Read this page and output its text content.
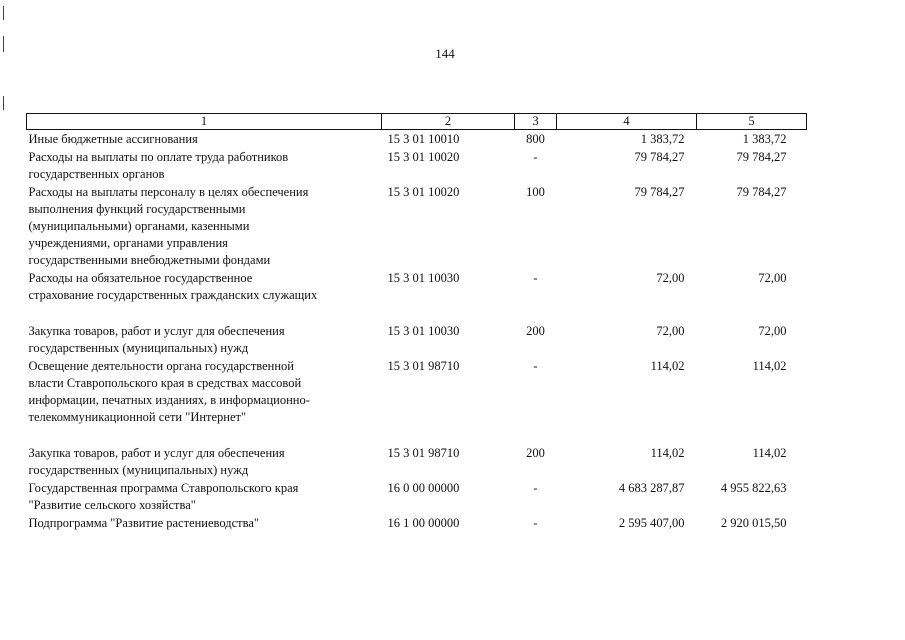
144
1	2	3	4	5

Иные бюджетные ассигнования	15 3 01 10010	800	1 383,72	1 383,72

Расходы на выплаты по оплате труда работников
государственных органов	15 3 01 10020	-	79 784,27	79 784,27

Расходы на выплаты персоналу в целях обеспечения
выполнения функций государственными
(муниципальными) органами, казенными
учреждениями, органами управления
государственными внебюджетными фондами	15 3 01 10020	100	79 784,27	79 784,27

Расходы на обязательное государственное
страхование государственных гражданских служащих	15 3 01 10030	-	72,00	72,00

Закупка товаров, работ и услуг для обеспечения
государственных (муниципальных) нужд	15 3 01 10030	200	72,00	72,00

Освещение деятельности органа государственной
власти Ставропольского края в средствах массовой
информации, печатных изданиях, в информационно-
телекоммуникационной сети "Интернет"	15 3 01 98710	-	114,02	114,02

Закупка товаров, работ и услуг для обеспечения
государственных (муниципальных) нужд	15 3 01 98710	200	114,02	114,02

Государственная программа Ставропольского края
"Развитие сельского хозяйства"	16 0 00 00000	-	4 683 287,87	4 955 822,63

Подпрограмма "Развитие растениеводства"	16 1 00 00000	-	2 595 407,00	2 920 015,50
